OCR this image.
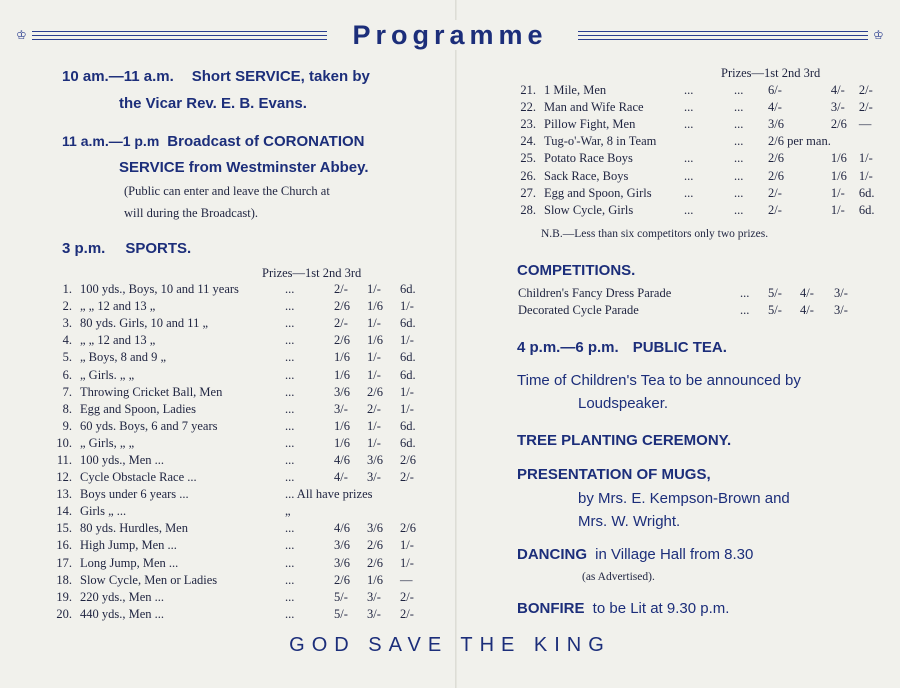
♔	♔
Programme
10 am.—11 a.m. Short SERVICE, taken by
the Vicar Rev. E. B. Evans.
11 a.m.—1 p.m Broadcast of CORONATION
SERVICE from Westminster Abbey.
(Public can enter and leave the Church at
will during the Broadcast).
3 p.m. SPORTS.
Prizes—1st 2nd 3rd
1.	100 yds., Boys, 10 and 11 years	...	2/-	1/-	6d.
2.	„ „ 12 and 13 „	...	2/6	1/6	1/-
3.	80 yds. Girls, 10 and 11 „	...	2/-	1/-	6d.
4.	„ „ 12 and 13 „	...	2/6	1/6	1/-
5.	„ Boys, 8 and 9 „	...	1/6	1/-	6d.
6.	„ Girls. „ „	...	1/6	1/-	6d.
7.	Throwing Cricket Ball, Men	...	3/6	2/6	1/-
8.	Egg and Spoon, Ladies	...	3/-	2/-	1/-
9.	60 yds. Boys, 6 and 7 years	...	1/6	1/-	6d.
10.	„ Girls, „ „	...	1/6	1/-	6d.
11.	100 yds., Men ...	...	4/6	3/6	2/6
12.	Cycle Obstacle Race ...	...	4/-	3/-	2/-
13.	Boys under 6 years ...	... All have prizes			
14.	Girls „ ...	„			
15.	80 yds. Hurdles, Men	...	4/6	3/6	2/6
16.	High Jump, Men ...	...	3/6	2/6	1/-
17.	Long Jump, Men ...	...	3/6	2/6	1/-
18.	Slow Cycle, Men or Ladies	...	2/6	1/6	—
19.	220 yds., Men ...	...	5/-	3/-	2/-
20.	440 yds., Men ...	...	5/-	3/-	2/-
Prizes—1st 2nd 3rd
21.	1 Mile, Men	...	...	6/-	4/-	2/-
22.	Man and Wife Race	...	...	4/-	3/-	2/-
23.	Pillow Fight, Men	...	...	3/6	2/6	—
24.	Tug-o'-War, 8 in Team		...	2/6 per man.		
25.	Potato Race Boys	...	...	2/6	1/6	1/-
26.	Sack Race, Boys	...	...	2/6	1/6	1/-
27.	Egg and Spoon, Girls	...	...	2/-	1/-	6d.
28.	Slow Cycle, Girls	...	...	2/-	1/-	6d.
N.B.—Less than six competitors only two prizes.
COMPETITIONS.
Children's Fancy Dress Parade	...	5/-	4/-	3/-
Decorated Cycle Parade	...	5/-	4/-	3/-
4 p.m.—6 p.m. PUBLIC TEA.
Time of Children's Tea to be announced by
Loudspeaker.
TREE PLANTING CEREMONY.
PRESENTATION OF MUGS,
by Mrs. E. Kempson-Brown and
Mrs. W. Wright.
DANCING in Village Hall from 8.30
(as Advertised).
BONFIRE to be Lit at 9.30 p.m.
GOD SAVE THE KING
